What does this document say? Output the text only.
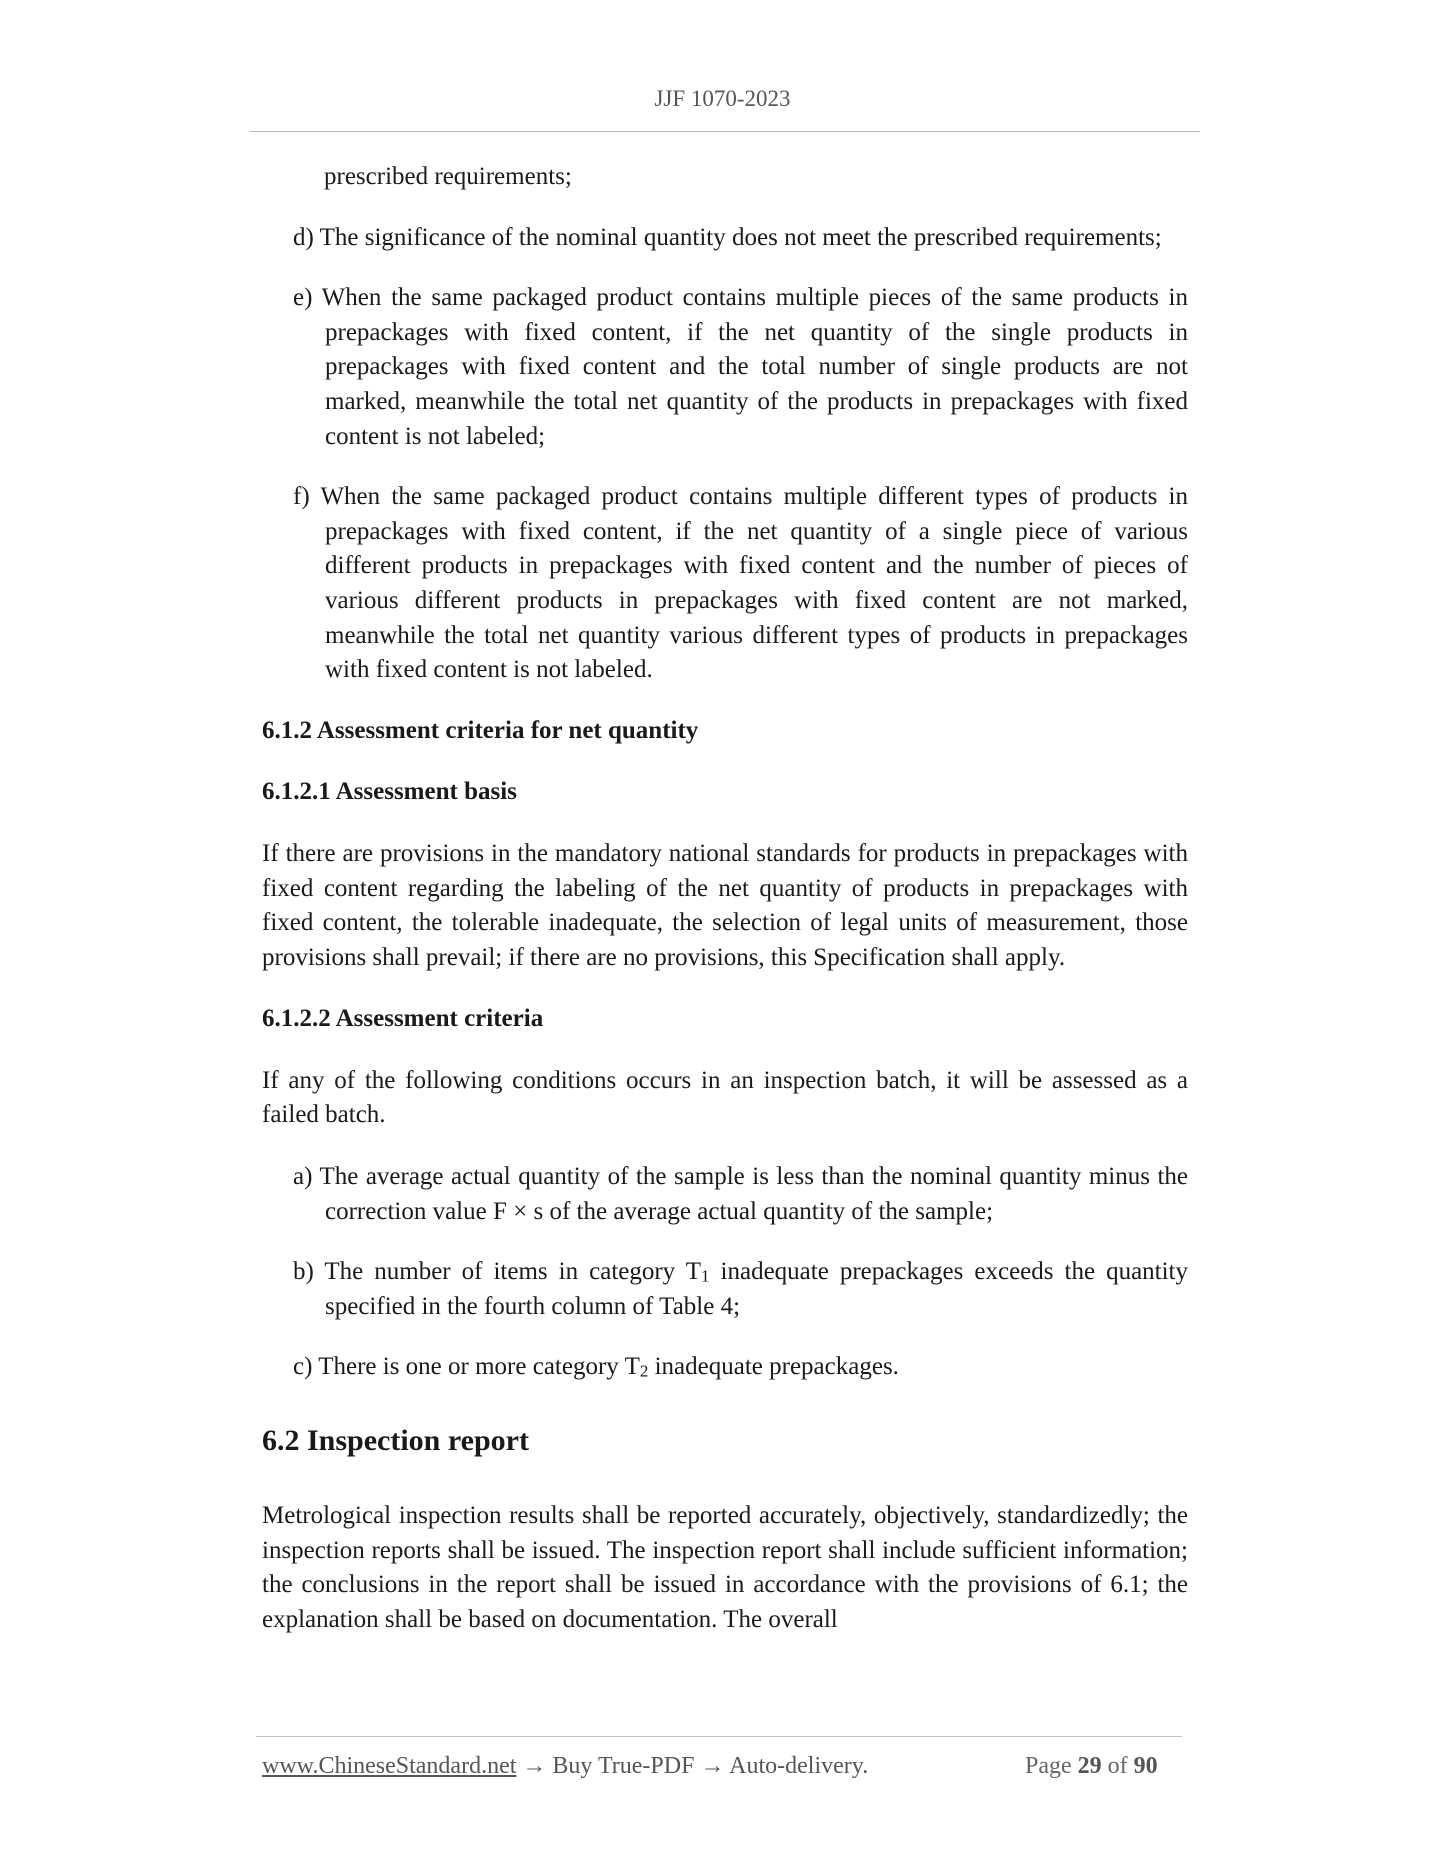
JJF 1070-2023

prescribed requirements;

d) The significance of the nominal quantity does not meet the prescribed requirements;

e) When the same packaged product contains multiple pieces of the same products in prepackages with fixed content, if the net quantity of the single products in prepackages with fixed content and the total number of single products are not marked, meanwhile the total net quantity of the products in prepackages with fixed content is not labeled;

f) When the same packaged product contains multiple different types of products in prepackages with fixed content, if the net quantity of a single piece of various different products in prepackages with fixed content and the number of pieces of various different products in prepackages with fixed content are not marked, meanwhile the total net quantity various different types of products in prepackages with fixed content is not labeled.

6.1.2 Assessment criteria for net quantity

6.1.2.1 Assessment basis

If there are provisions in the mandatory national standards for products in prepackages with fixed content regarding the labeling of the net quantity of products in prepackages with fixed content, the tolerable inadequate, the selection of legal units of measurement, those provisions shall prevail; if there are no provisions, this Specification shall apply.

6.1.2.2 Assessment criteria

If any of the following conditions occurs in an inspection batch, it will be assessed as a failed batch.

a) The average actual quantity of the sample is less than the nominal quantity minus the correction value F × s of the average actual quantity of the sample;

b) The number of items in category $T_1$ inadequate prepackages exceeds the quantity specified in the fourth column of Table 4;

c) There is one or more category $T_2$ inadequate prepackages.

6.2 Inspection report

Metrological inspection results shall be reported accurately, objectively, standardizedly; the inspection reports shall be issued. The inspection report shall include sufficient information; the conclusions in the report shall be issued in accordance with the provisions of 6.1; the explanation shall be based on documentation. The overall

www.ChineseStandard.net → Buy True-PDF → Auto-delivery.	Page 29 of 90
